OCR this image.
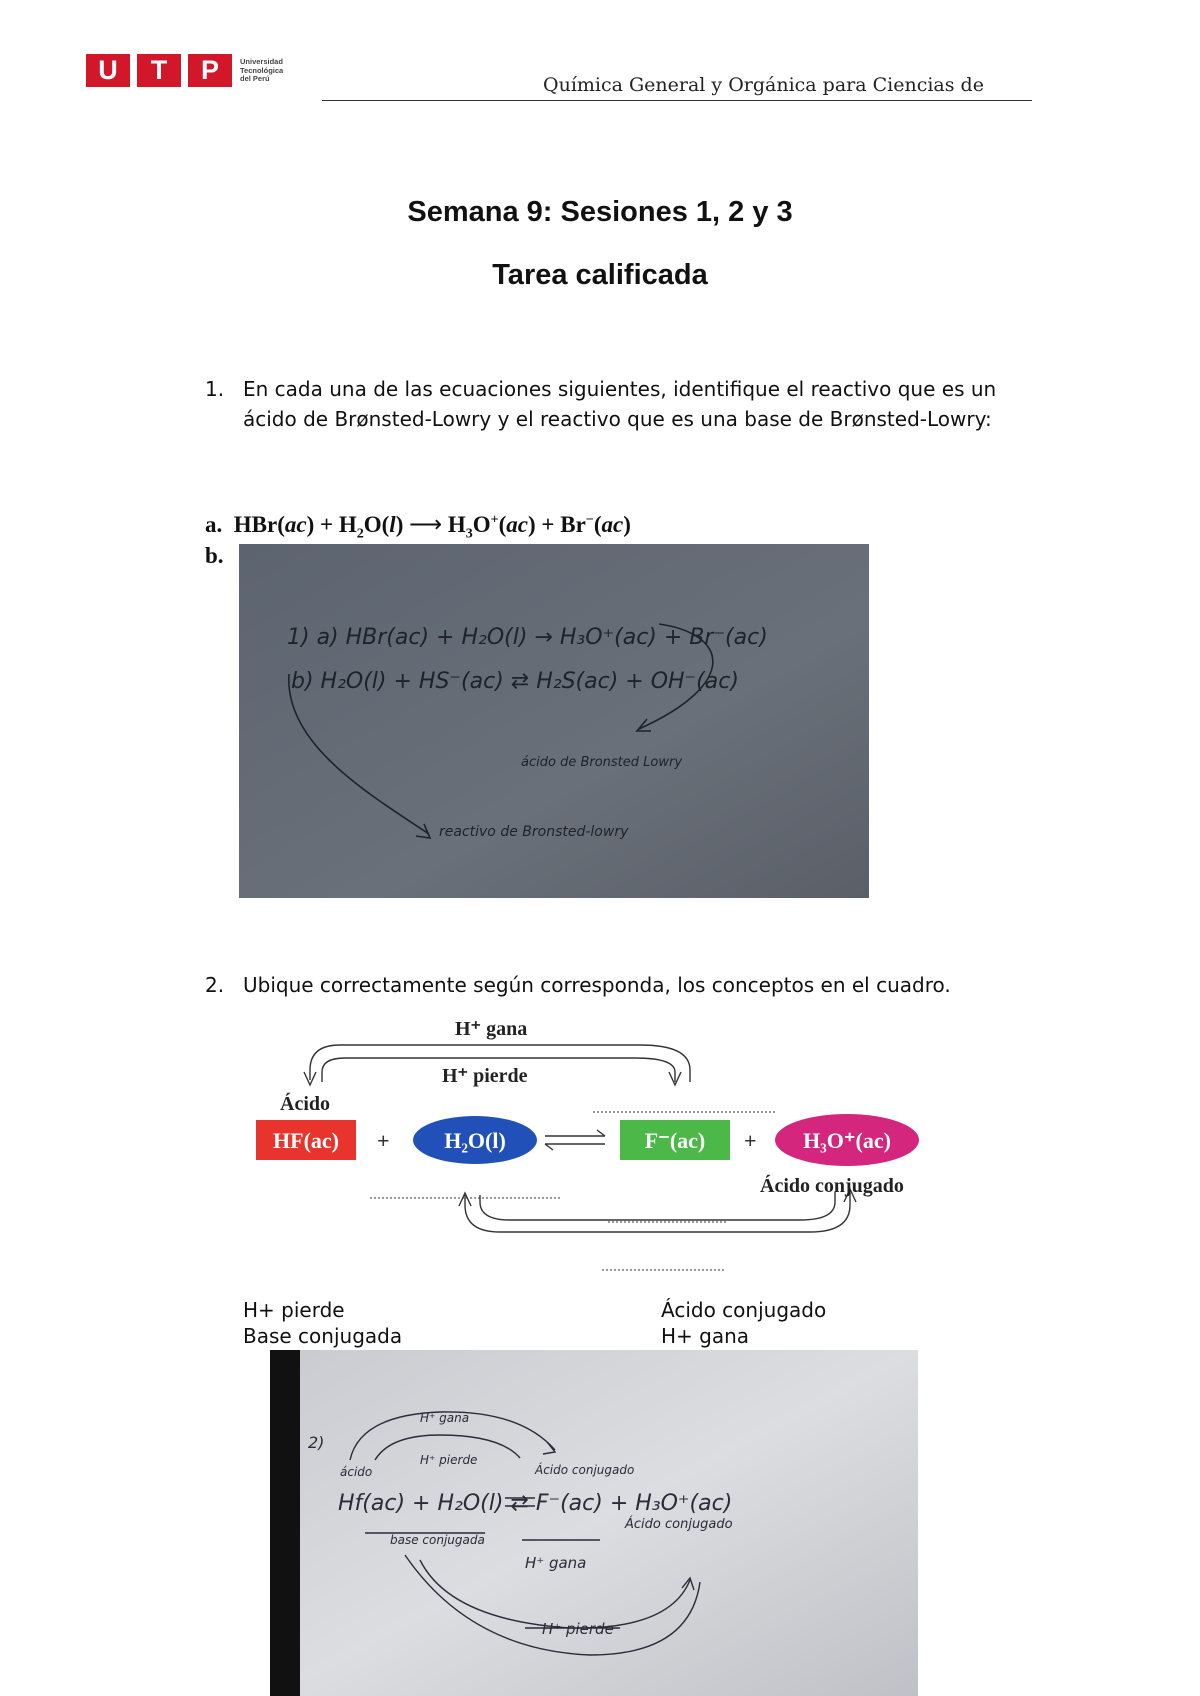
U	T	P	Universidad
Tecnológica
del Perú	Química General y Orgánica para Ciencias de
Semana 9: Sesiones 1, 2 y 3
Tarea calificada
1. En cada una de las ecuaciones siguientes, identifique el reactivo que es un ácido de Brønsted-Lowry y el reactivo que es una base de Brønsted-Lowry:
a.  $HBr(ac) + H_2O(l)$ ⟶ $H_3O^+(ac) + Br^-(ac)$
b.
1) a) HBr(ac) + H₂O(l) → H₃O⁺(ac) + Br⁻(ac)
b) H₂O(l) + HS⁻(ac) ⇄ H₂S(ac) + OH⁻(ac)
ácido de Bronsted Lowry
reactivo de Bronsted-lowry
2. Ubique correctamente según corresponda, los conceptos en el cuadro.
H⁺ gana
H⁺ pierde
Ácido
Ácido conjugado
HF(ac)	H₂O(l)	F⁻(ac)	H₃O⁺(ac)
+	+
H+ pierde
Base conjugada
Ácido conjugado
H+ gana
2)
H⁺ gana
H⁺ pierde
ácido	Ácido conjugado
Hf(ac) + H₂O(l) ⇄ F⁻(ac) + H₃O⁺(ac)
Ácido conjugado
base conjugada
H⁺ gana
H⁺ pierde
